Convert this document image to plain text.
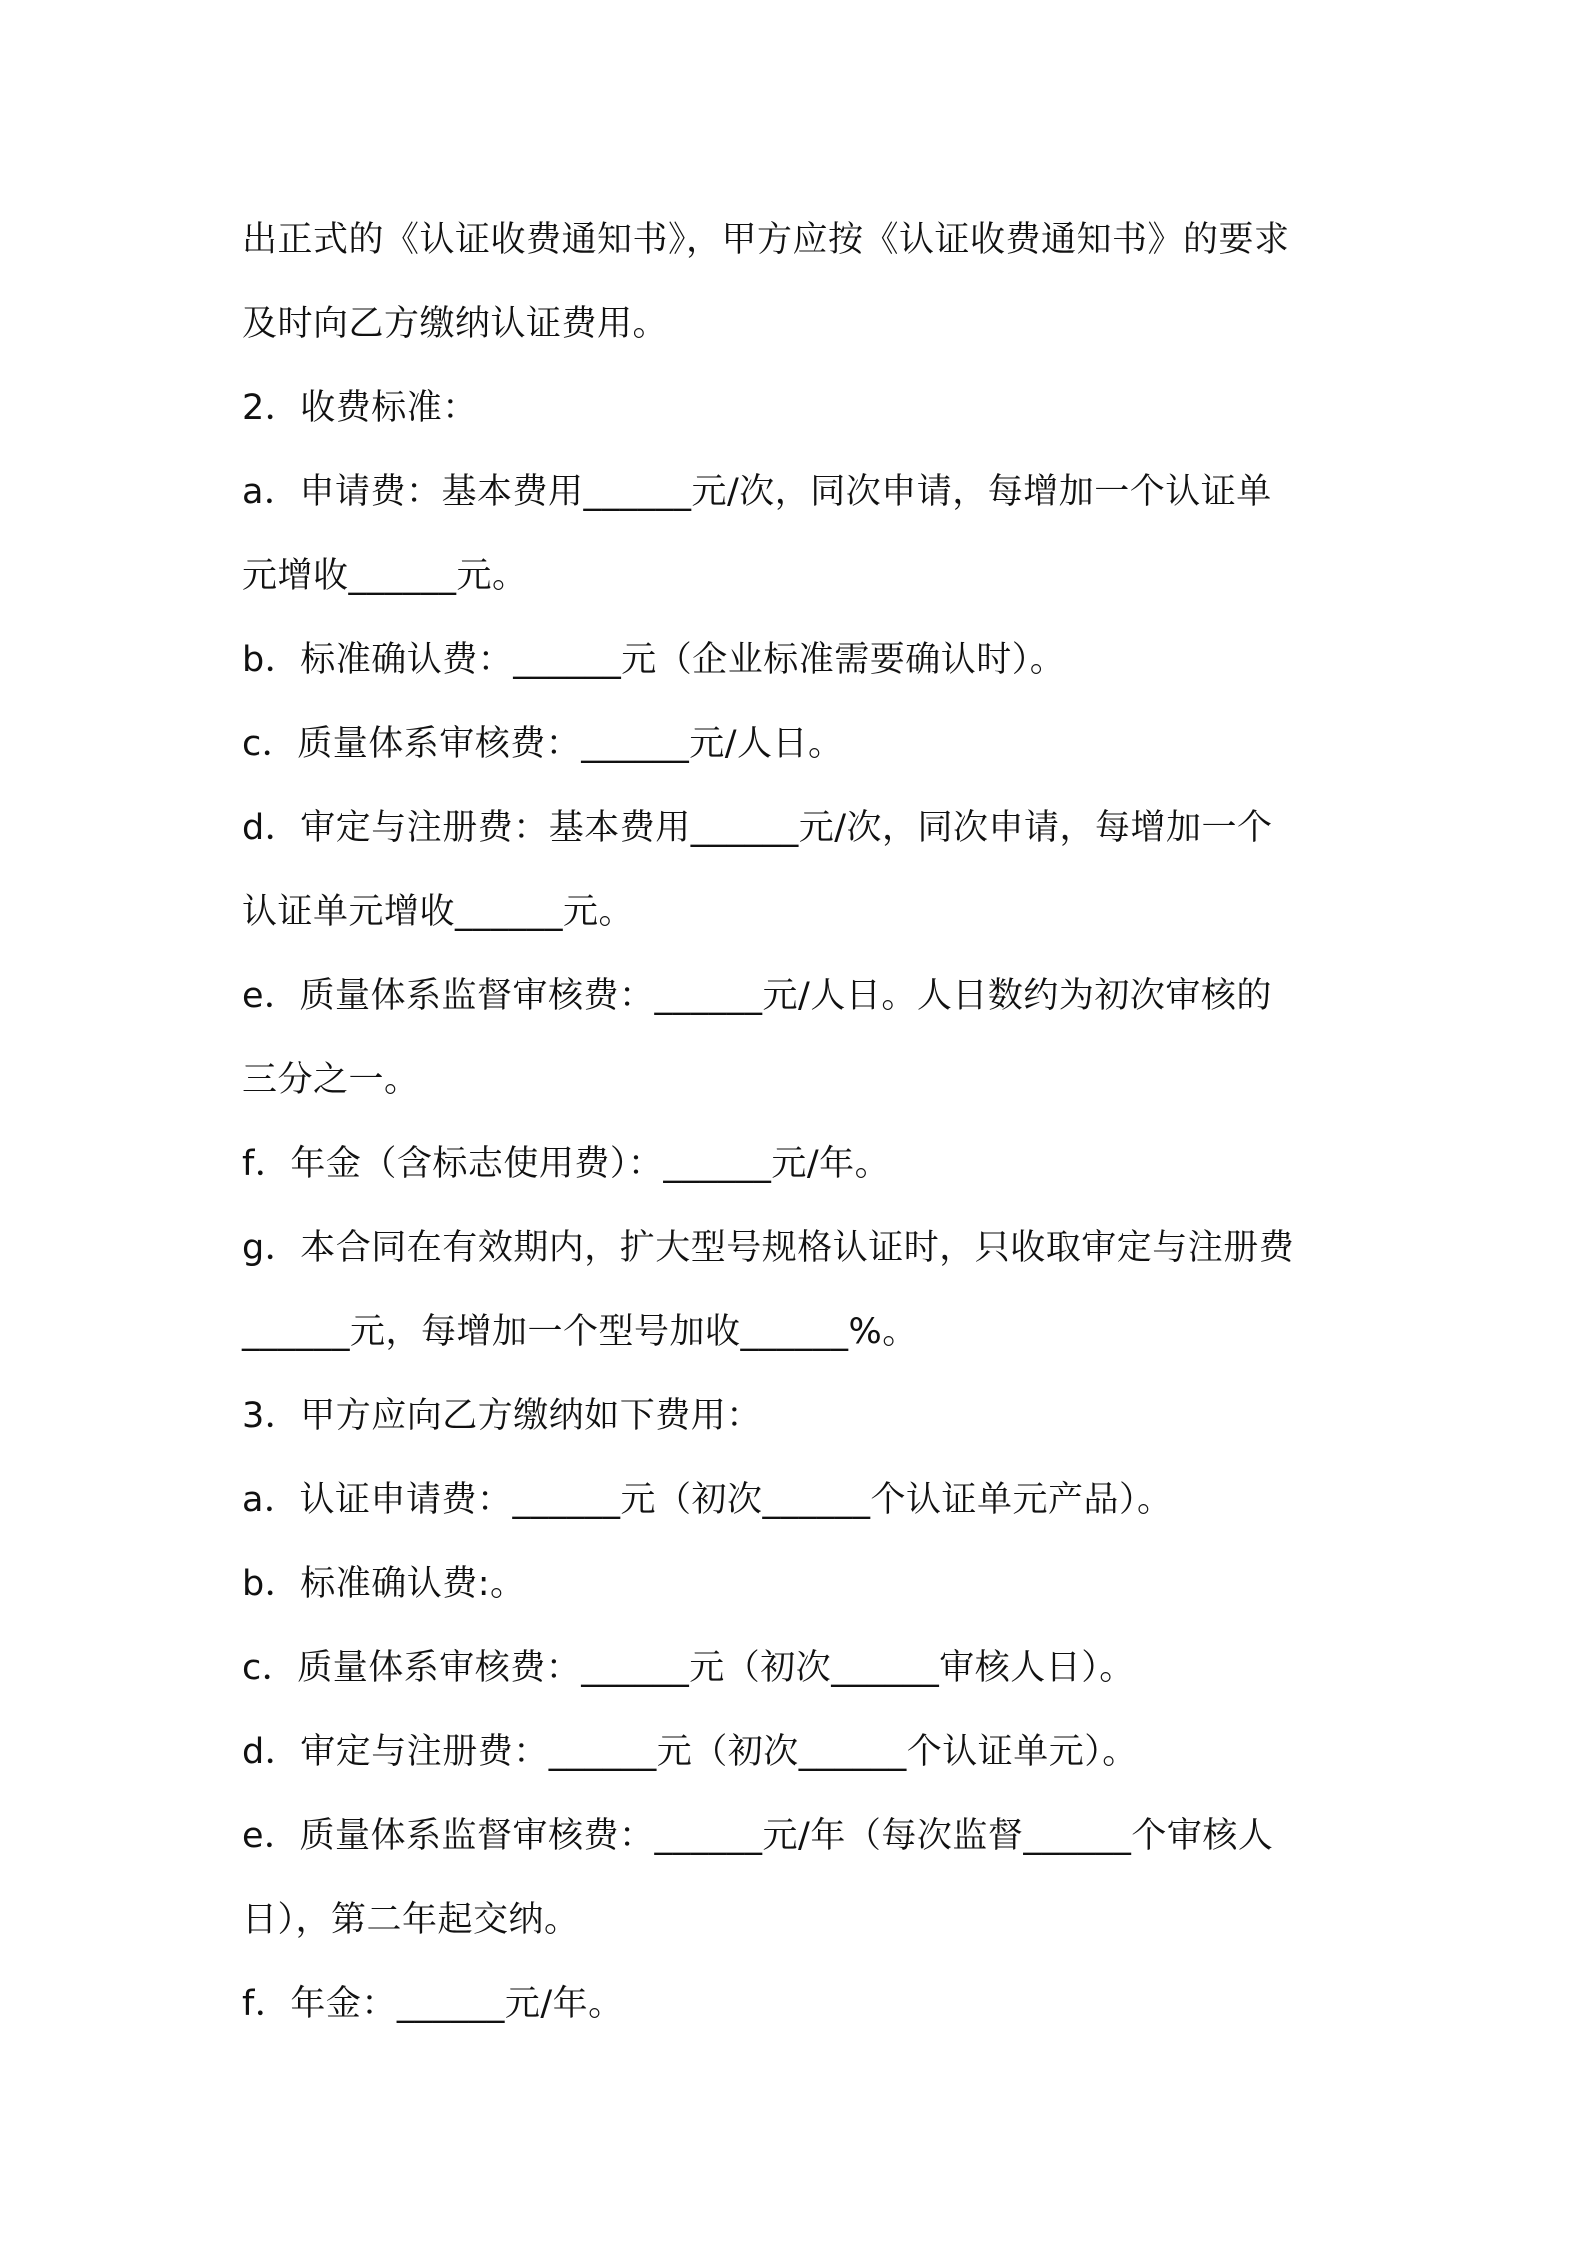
出正式的《认证收费通知书》，甲方应按《认证收费通知书》的要求
及时向乙方缴纳认证费用。
2．收费标准：
a．申请费：基本费用______元/次，同次申请，每增加一个认证单
元增收______元。
b．标准确认费：______元（企业标准需要确认时）。
c．质量体系审核费：______元/人日。
d．审定与注册费：基本费用______元/次，同次申请，每增加一个
认证单元增收______元。
e．质量体系监督审核费：______元/人日。人日数约为初次审核的
三分之一。
f．年金（含标志使用费）：______元/年。
g．本合同在有效期内，扩大型号规格认证时，只收取审定与注册费
______元，每增加一个型号加收______%。
3．甲方应向乙方缴纳如下费用：
a．认证申请费：______元（初次______个认证单元产品）。
b．标准确认费:。
c．质量体系审核费：______元（初次______审核人日）。
d．审定与注册费：______元（初次______个认证单元）。
e．质量体系监督审核费：______元/年（每次监督______个审核人
日），第二年起交纳。
f．年金：______元/年。
